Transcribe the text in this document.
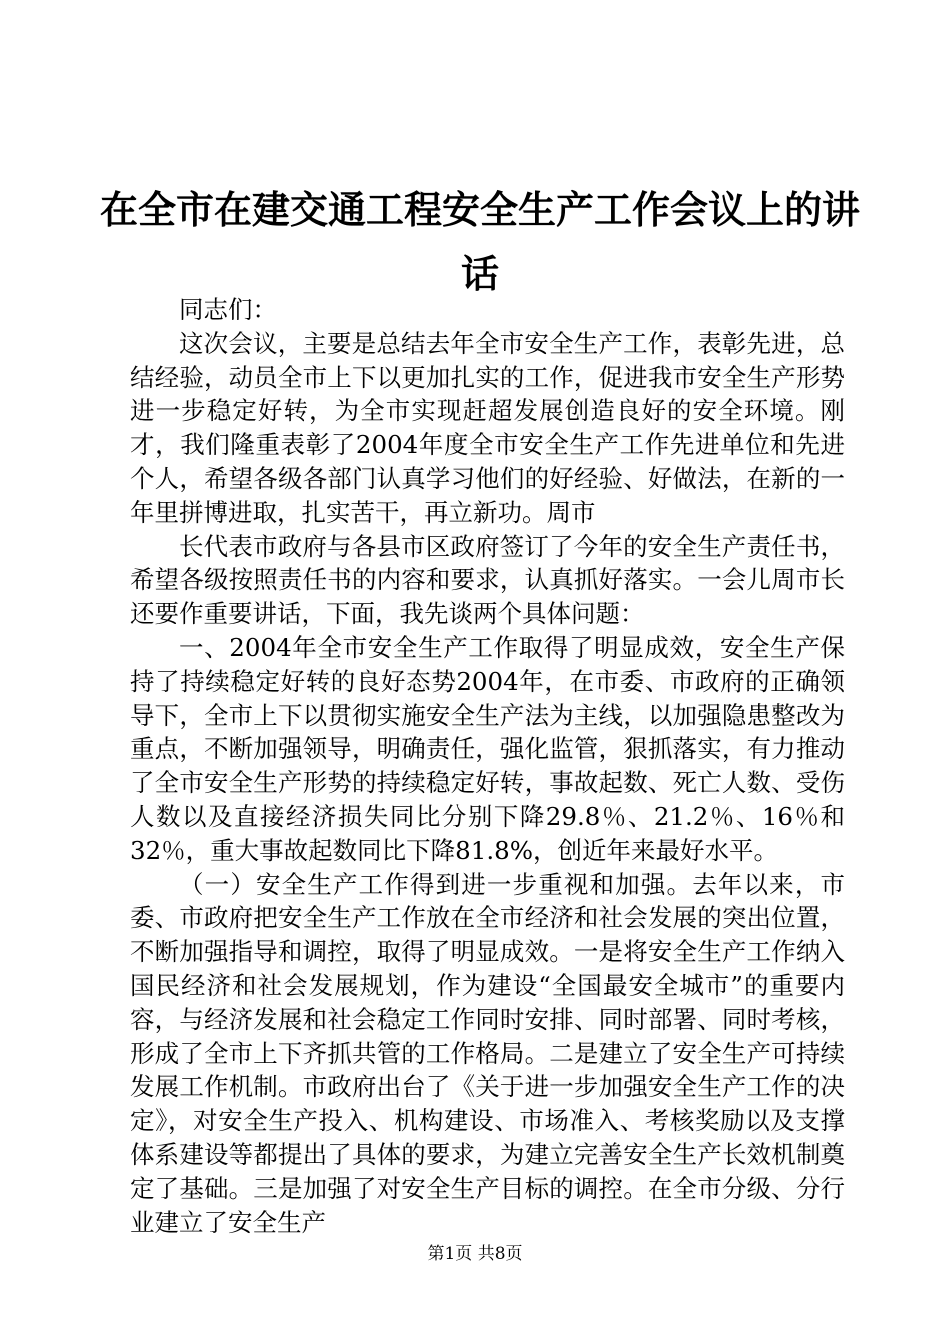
在全市在建交通工程安全生产工作会议上的讲话

同志们：

这次会议，主要是总结去年全市安全生产工作，表彰先进，总结经验，动员全市上下以更加扎实的工作，促进我市安全生产形势进一步稳定好转，为全市实现赶超发展创造良好的安全环境。刚才，我们隆重表彰了2004年度全市安全生产工作先进单位和先进个人，希望各级各部门认真学习他们的好经验、好做法，在新的一年里拼博进取，扎实苦干，再立新功。周市

长代表市政府与各县市区政府签订了今年的安全生产责任书，希望各级按照责任书的内容和要求，认真抓好落实。一会儿周市长还要作重要讲话，下面，我先谈两个具体问题：

一、2004年全市安全生产工作取得了明显成效，安全生产保持了持续稳定好转的良好态势2004年，在市委、市政府的正确领导下，全市上下以贯彻实施安全生产法为主线，以加强隐患整改为重点，不断加强领导，明确责任，强化监管，狠抓落实，有力推动了全市安全生产形势的持续稳定好转，事故起数、死亡人数、受伤人数以及直接经济损失同比分别下降29.8％、21.2％、16％和32％，重大事故起数同比下降81.8%，创近年来最好水平。

（一）安全生产工作得到进一步重视和加强。去年以来，市委、市政府把安全生产工作放在全市经济和社会发展的突出位置，不断加强指导和调控，取得了明显成效。一是将安全生产工作纳入国民经济和社会发展规划，作为建设“全国最安全城市”的重要内容，与经济发展和社会稳定工作同时安排、同时部署、同时考核，形成了全市上下齐抓共管的工作格局。二是建立了安全生产可持续发展工作机制。市政府出台了《关于进一步加强安全生产工作的决定》，对安全生产投入、机构建设、市场准入、考核奖励以及支撑体系建设等都提出了具体的要求，为建立完善安全生产长效机制奠定了基础。三是加强了对安全生产目标的调控。在全市分级、分行业建立了安全生产

第1页 共8页
